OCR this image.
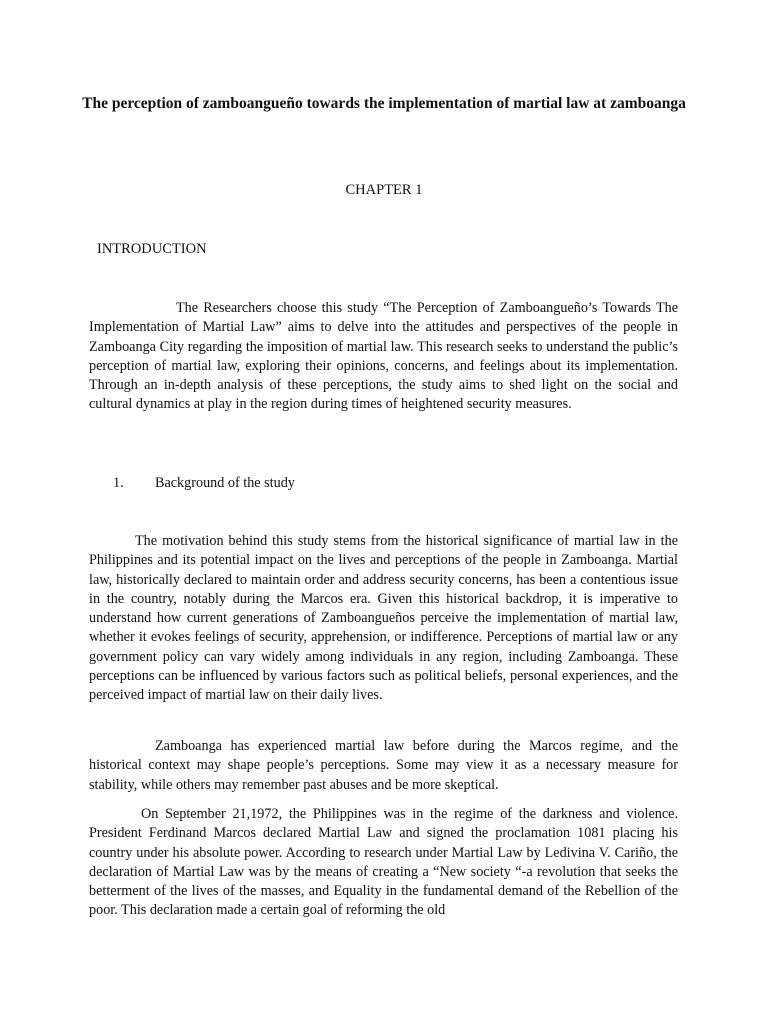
The perception of zamboangueño towards the implementation of martial law at zamboanga
CHAPTER 1
INTRODUCTION

The Researchers choose this study “The Perception of Zamboangueño’s Towards The Implementation of Martial Law” aims to delve into the attitudes and perspectives of the people in Zamboanga City regarding the imposition of martial law. This research seeks to understand the public’s perception of martial law, exploring their opinions, concerns, and feelings about its implementation. Through an in-depth analysis of these perceptions, the study aims to shed light on the social and cultural dynamics at play in the region during times of heightened security measures.

1. Background of the study

The motivation behind this study stems from the historical significance of martial law in the Philippines and its potential impact on the lives and perceptions of the people in Zamboanga. Martial law, historically declared to maintain order and address security concerns, has been a contentious issue in the country, notably during the Marcos era. Given this historical backdrop, it is imperative to understand how current generations of Zamboangueños perceive the implementation of martial law, whether it evokes feelings of security, apprehension, or indifference. Perceptions of martial law or any government policy can vary widely among individuals in any region, including Zamboanga. These perceptions can be influenced by various factors such as political beliefs, personal experiences, and the perceived impact of martial law on their daily lives.

Zamboanga has experienced martial law before during the Marcos regime, and the historical context may shape people’s perceptions. Some may view it as a necessary measure for stability, while others may remember past abuses and be more skeptical.

On September 21,1972, the Philippines was in the regime of the darkness and violence. President Ferdinand Marcos declared Martial Law and signed the proclamation 1081 placing his country under his absolute power. According to research under Martial Law by Ledivina V. Cariño, the declaration of Martial Law was by the means of creating a “New society “-a revolution that seeks the betterment of the lives of the masses, and Equality in the fundamental demand of the Rebellion of the poor. This declaration made a certain goal of reforming the old
